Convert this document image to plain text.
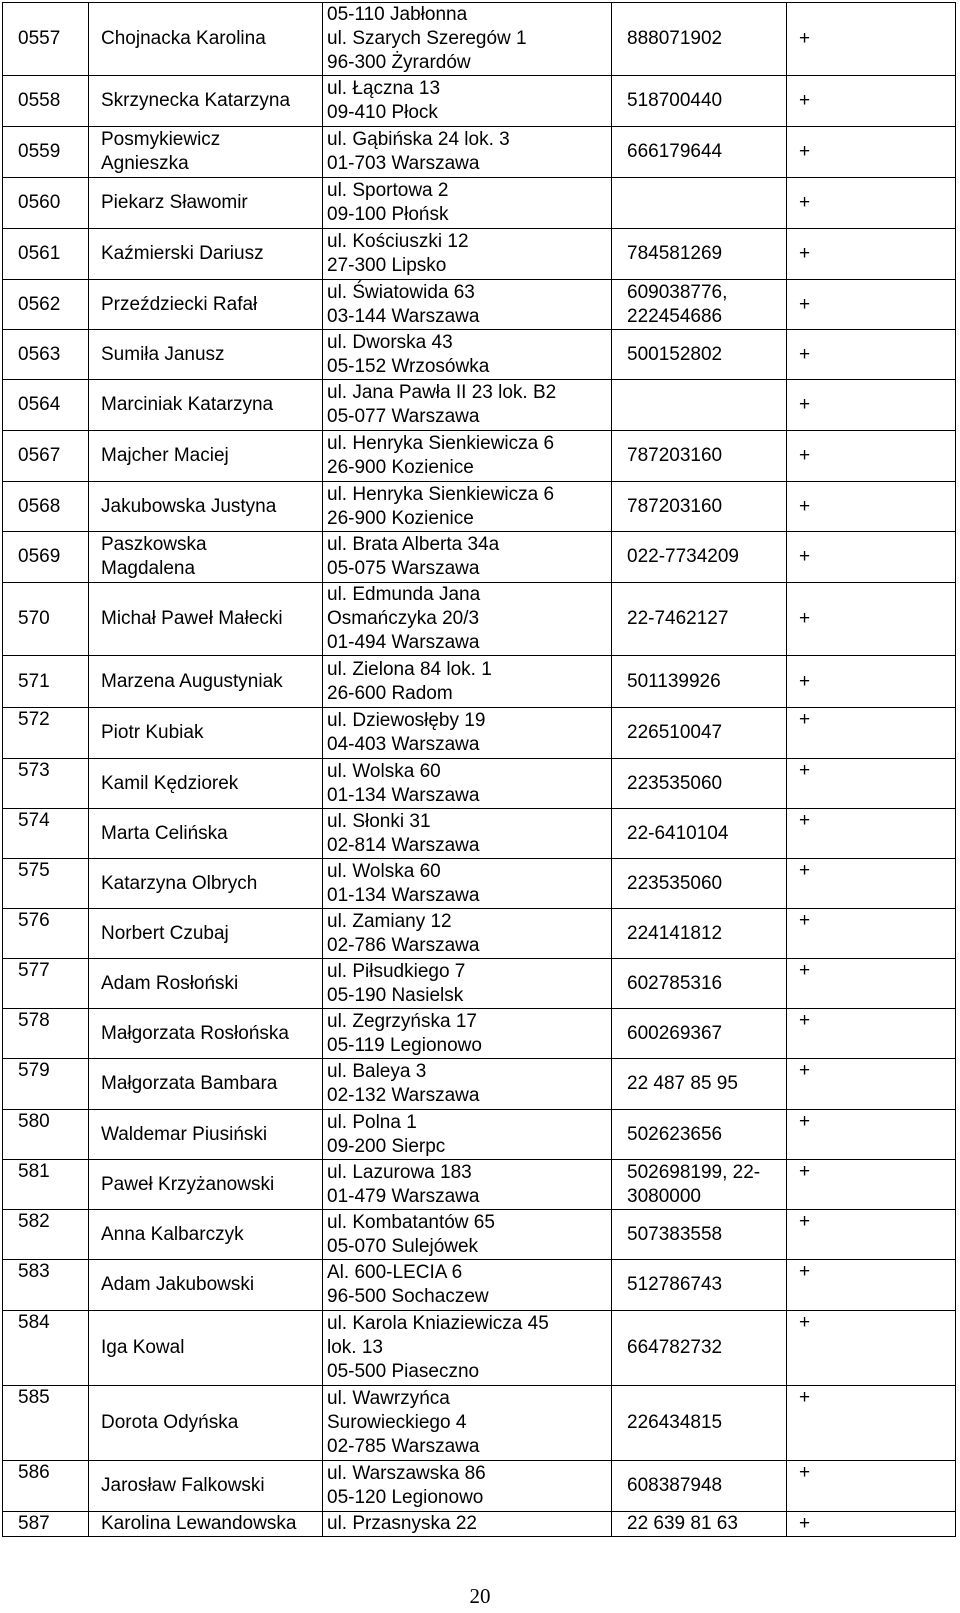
0557	Chojnacka Karolina	05-110 Jabłonna
ul. Szarych Szeregów 1
96-300 Żyrardów	888071902	+
0558	Skrzynecka Katarzyna	ul. Łączna 13
09-410 Płock	518700440	+
0559	Posmykiewicz
Agnieszka	ul. Gąbińska 24 lok. 3
01-703 Warszawa	666179644	+
0560	Piekarz Sławomir	ul. Sportowa 2
09-100 Płońsk		+
0561	Kaźmierski Dariusz	ul. Kościuszki 12
27-300 Lipsko	784581269	+
0562	Przeździecki Rafał	ul. Światowida 63
03-144 Warszawa	609038776,
222454686	+
0563	Sumiła Janusz	ul. Dworska 43
05-152 Wrzosówka	500152802	+
0564	Marciniak Katarzyna	ul. Jana Pawła II 23 lok. B2
05-077 Warszawa		+
0567	Majcher Maciej	ul. Henryka Sienkiewicza 6
26-900 Kozienice	787203160	+
0568	Jakubowska Justyna	ul. Henryka Sienkiewicza 6
26-900 Kozienice	787203160	+
0569	Paszkowska
Magdalena	ul. Brata Alberta 34a
05-075 Warszawa	022-7734209	+
570	Michał Paweł Małecki	ul. Edmunda Jana
Osmańczyka 20/3
01-494 Warszawa	22-7462127	+
571	Marzena Augustyniak	ul. Zielona 84 lok. 1
26-600 Radom	501139926	+
572	Piotr Kubiak	ul. Dziewosłęby 19
04-403 Warszawa	226510047	+
573	Kamil Kędziorek	ul. Wolska 60
01-134 Warszawa	223535060	+
574	Marta Celińska	ul. Słonki 31
02-814 Warszawa	22-6410104	+
575	Katarzyna Olbrych	ul. Wolska 60
01-134 Warszawa	223535060	+
576	Norbert Czubaj	ul. Zamiany 12
02-786 Warszawa	224141812	+
577	Adam Rosłoński	ul. Piłsudkiego 7
05-190 Nasielsk	602785316	+
578	Małgorzata Rosłońska	ul. Zegrzyńska 17
05-119 Legionowo	600269367	+
579	Małgorzata Bambara	ul. Baleya 3
02-132 Warszawa	22 487 85 95	+
580	Waldemar Piusiński	ul. Polna 1
09-200 Sierpc	502623656	+
581	Paweł Krzyżanowski	ul. Lazurowa 183
01-479 Warszawa	502698199, 22-
3080000	+
582	Anna Kalbarczyk	ul. Kombatantów 65
05-070 Sulejówek	507383558	+
583	Adam Jakubowski	Al. 600-LECIA 6
96-500 Sochaczew	512786743	+
584	Iga Kowal	ul. Karola Kniaziewicza 45
lok. 13
05-500 Piaseczno	664782732	+
585	Dorota Odyńska	ul. Wawrzyńca
Surowieckiego 4
02-785 Warszawa	226434815	+
586	Jarosław Falkowski	ul. Warszawska 86
05-120 Legionowo	608387948	+
587	Karolina Lewandowska	ul. Przasnyska 22	22 639 81 63	+
20
